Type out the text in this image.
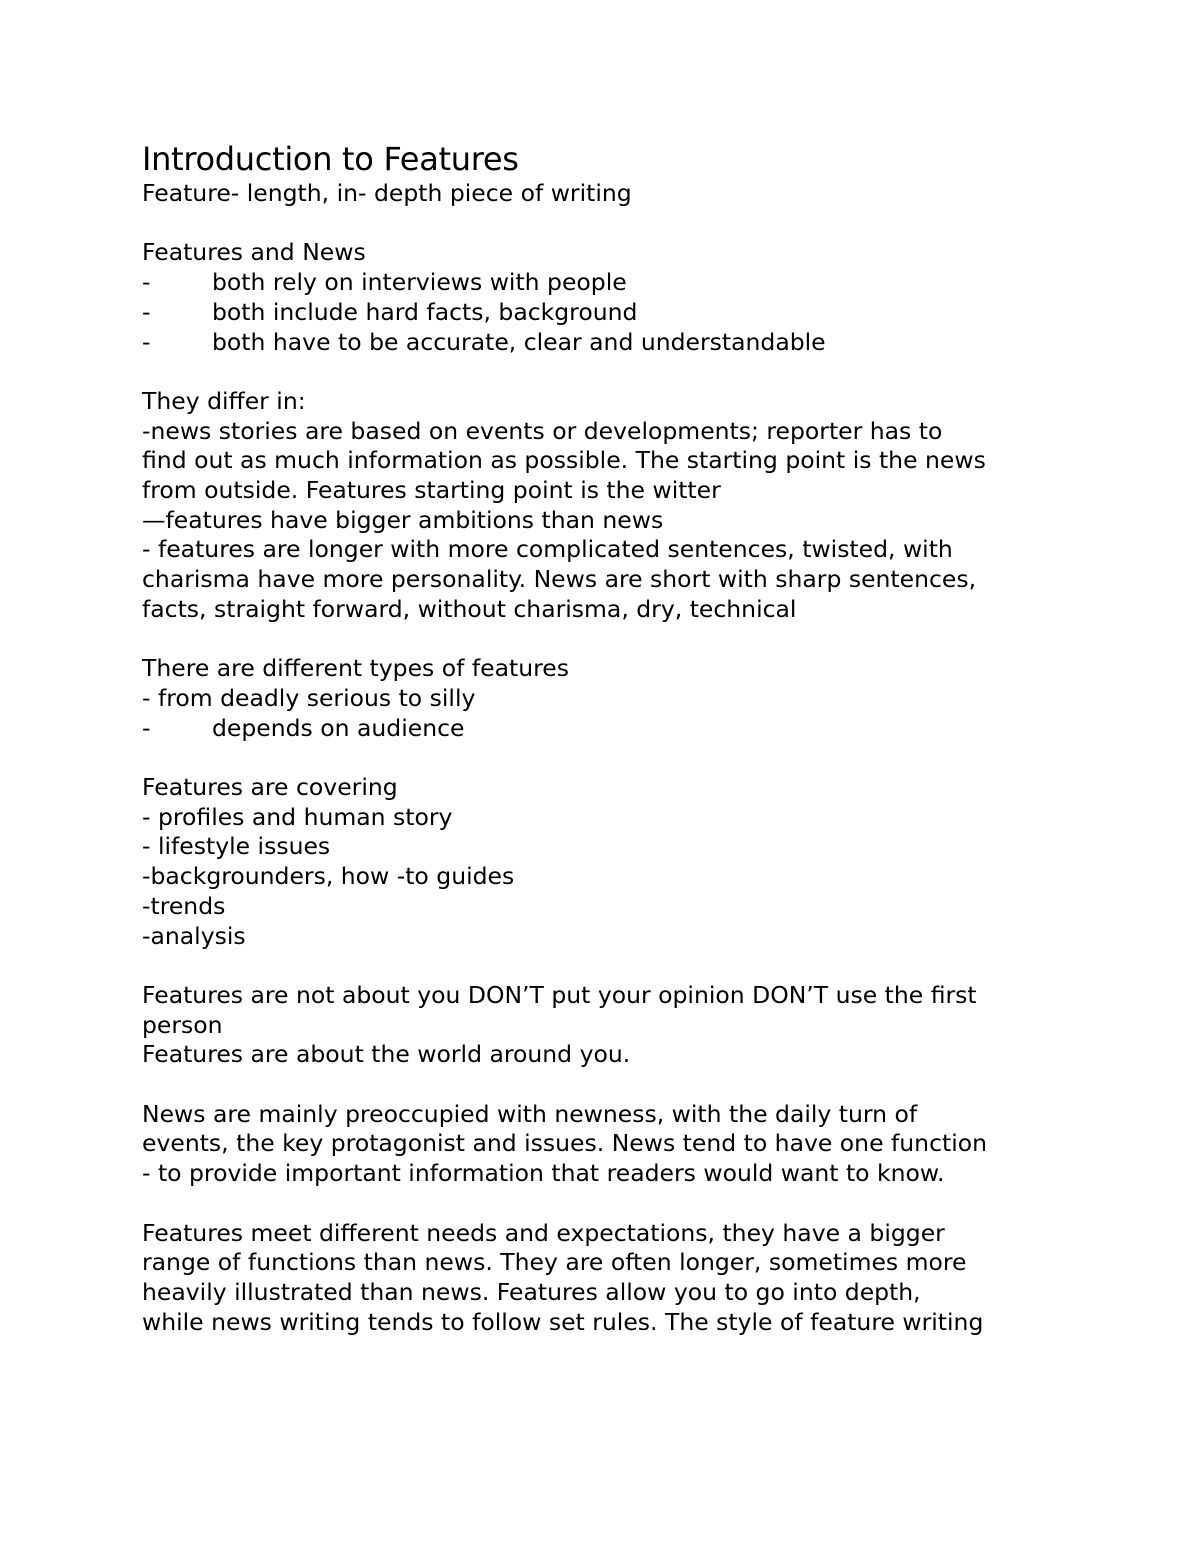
Introduction to Features
Feature- length, in- depth piece of writing
Features and News
-	both rely on interviews with people
-	both include hard facts, background
-	both have to be accurate, clear and understandable
They differ in:
-news stories are based on events or developments; reporter has to
find out as much information as possible. The starting point is the news
from outside. Features starting point is the witter
—features have bigger ambitions than news
- features are longer with more complicated sentences, twisted, with
charisma have more personality. News are short with sharp sentences,
facts, straight forward, without charisma, dry, technical
There are different types of features
- from deadly serious to silly
-	depends on audience
Features are covering
- profiles and human story
- lifestyle issues
-backgrounders, how -to guides
-trends
-analysis
Features are not about you DON’T put your opinion DON’T use the first
person
Features are about the world around you.
News are mainly preoccupied with newness, with the daily turn of
events, the key protagonist and issues. News tend to have one function
- to provide important information that readers would want to know.
Features meet different needs and expectations, they have a bigger
range of functions than news. They are often longer, sometimes more
heavily illustrated than news. Features allow you to go into depth,
while news writing tends to follow set rules. The style of feature writing
